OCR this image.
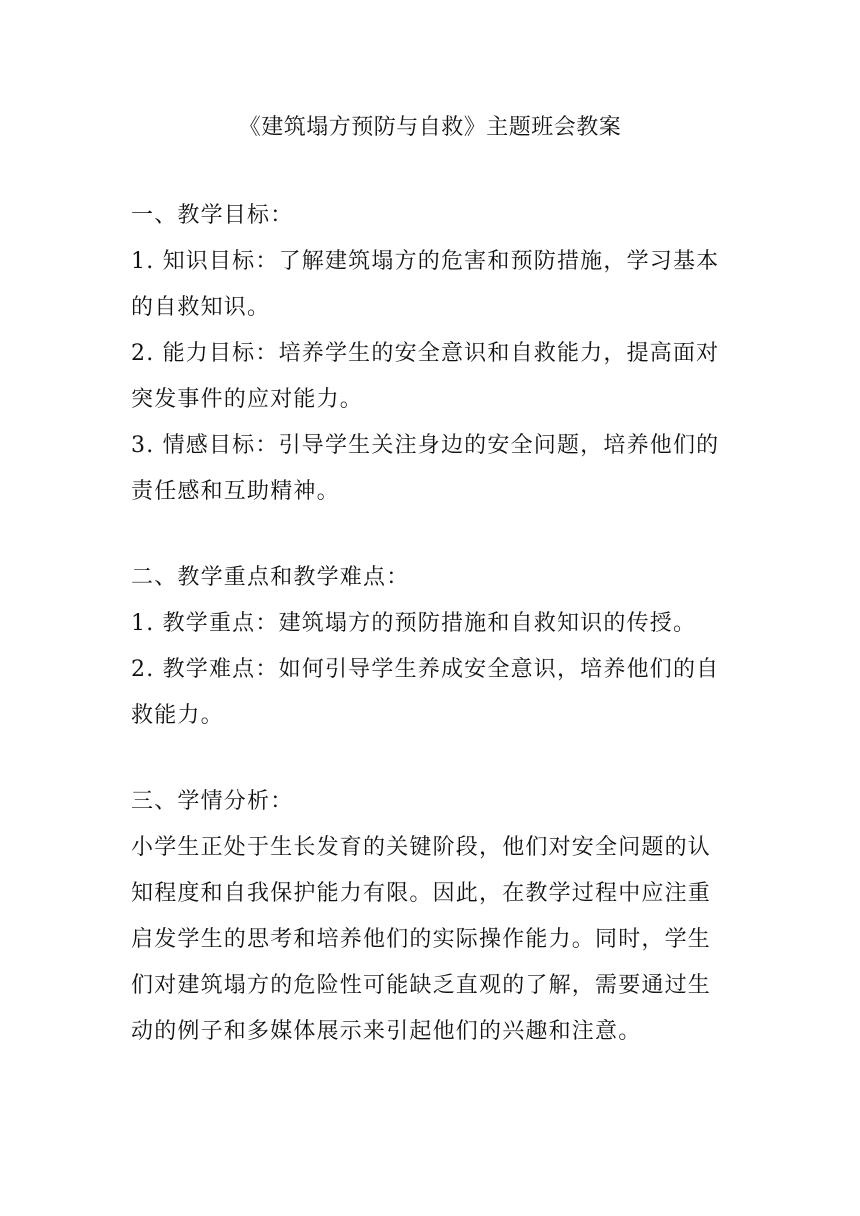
《建筑塌方预防与自救》主题班会教案

一、教学目标：

1. 知识目标：了解建筑塌方的危害和预防措施，学习基本的自救知识。

2. 能力目标：培养学生的安全意识和自救能力，提高面对突发事件的应对能力。

3. 情感目标：引导学生关注身边的安全问题，培养他们的责任感和互助精神。

二、教学重点和教学难点：

1. 教学重点：建筑塌方的预防措施和自救知识的传授。

2. 教学难点：如何引导学生养成安全意识，培养他们的自救能力。

三、学情分析：

小学生正处于生长发育的关键阶段，他们对安全问题的认知程度和自我保护能力有限。因此，在教学过程中应注重启发学生的思考和培养他们的实际操作能力。同时，学生们对建筑塌方的危险性可能缺乏直观的了解，需要通过生动的例子和多媒体展示来引起他们的兴趣和注意。
